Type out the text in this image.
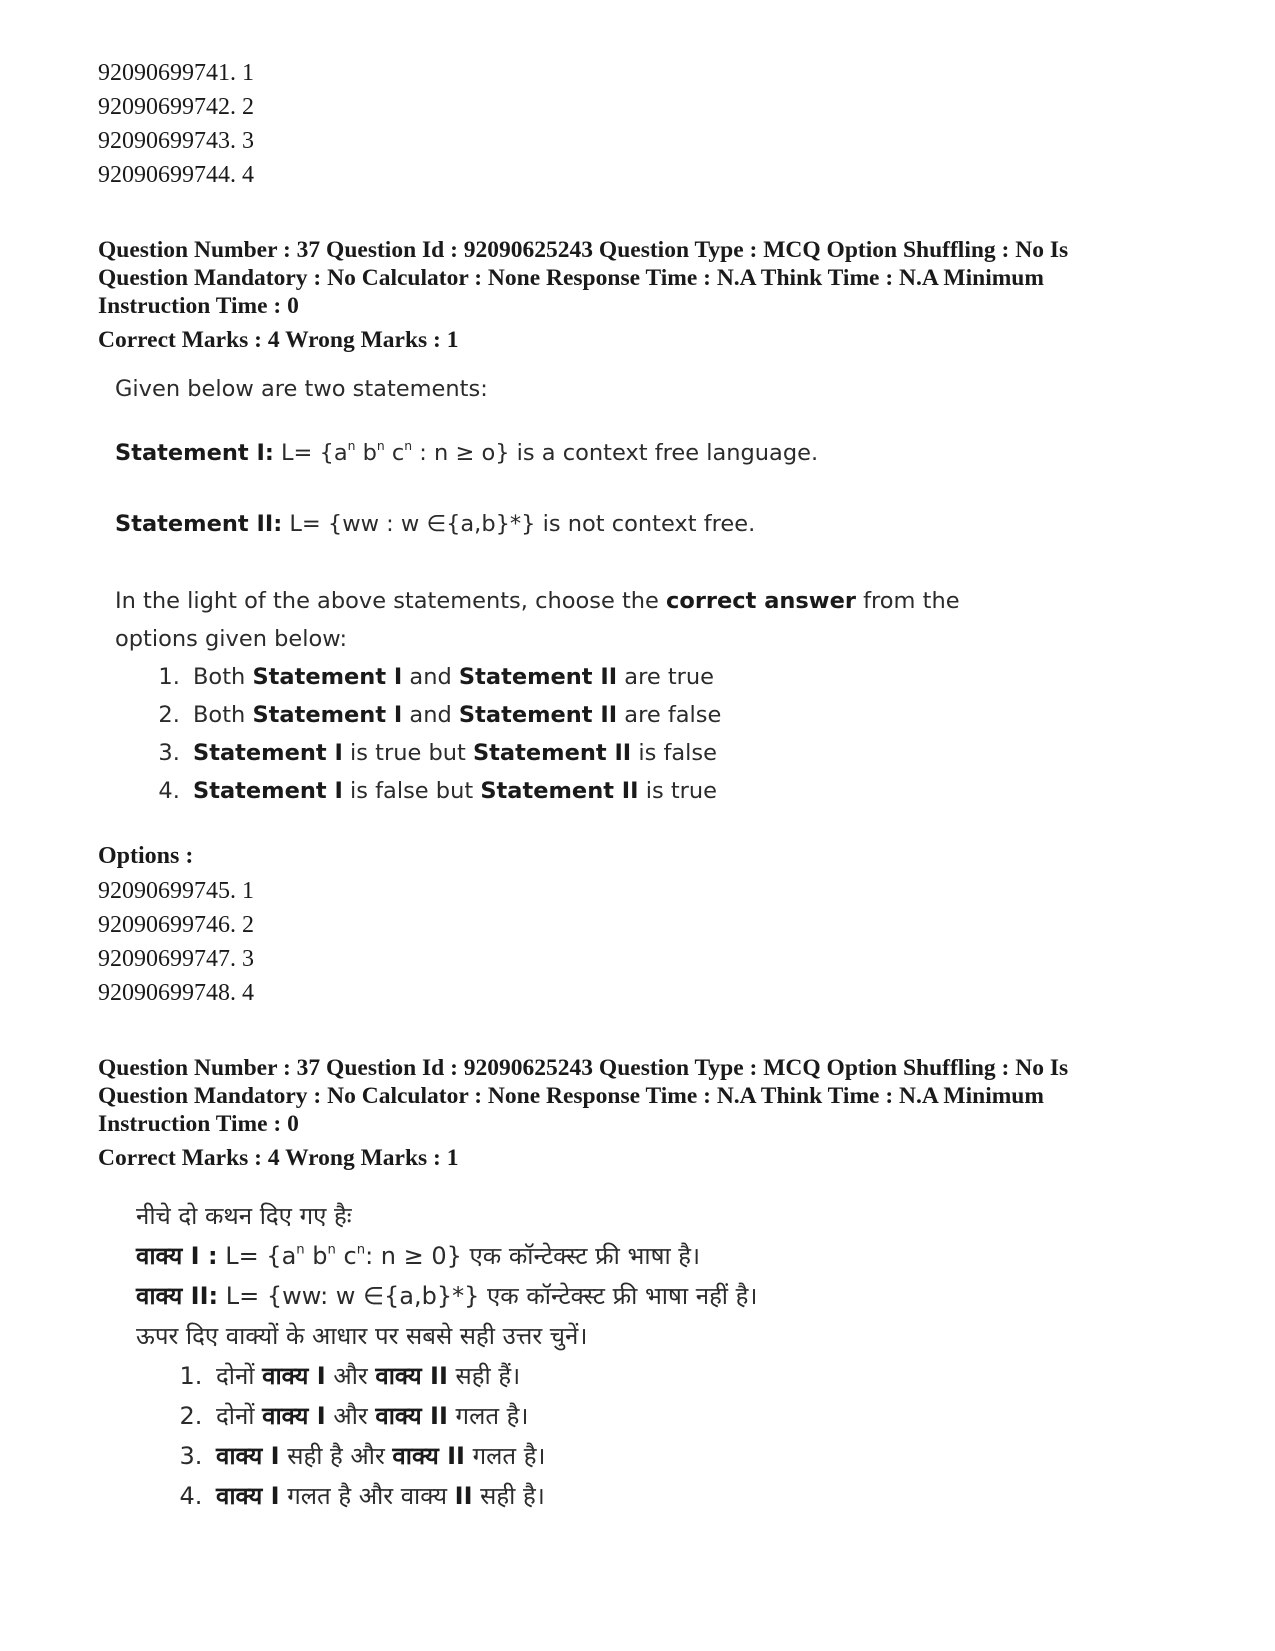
92090699741. 1

92090699742. 2

92090699743. 3

92090699744. 4

Question Number : 37 Question Id : 92090625243 Question Type : MCQ Option Shuffling : No Is

Question Mandatory : No Calculator : None Response Time : N.A Think Time : N.A Minimum

Instruction Time : 0

Correct Marks : 4 Wrong Marks : 1

Given below are two statements:

Statement I: $L= \{a^n$ $b^n$ $c^n$ : n ≥ o} is a context free language.

Statement II: L= {ww : w ∈{a,b}*} is not context free.

In the light of the above statements, choose the correct answer from the
options given below:

1. Both Statement I and Statement II are true
2. Both Statement I and Statement II are false
3. Statement I is true but Statement II is false
4. Statement I is false but Statement II is true

Options :

92090699745. 1

92090699746. 2

92090699747. 3

92090699748. 4

Question Number : 37 Question Id : 92090625243 Question Type : MCQ Option Shuffling : No Is

Question Mandatory : No Calculator : None Response Time : N.A Think Time : N.A Minimum

Instruction Time : 0

Correct Marks : 4 Wrong Marks : 1

नीचे दो कथन दिए गए हैः

वाक्य I : $L= \{a^n$ $b^n$ $c^n$: n ≥ 0} एक कॉन्टेक्स्ट फ्री भाषा है।

वाक्य II: L= {ww: w ∈{a,b}*} एक कॉन्टेक्स्ट फ्री भाषा नहीं है।

ऊपर दिए वाक्यों के आधार पर सबसे सही उत्तर चुनें।

1. दोनों वाक्य I और वाक्य II सही हैं।
2. दोनों वाक्य I और वाक्य II गलत है।
3. वाक्य I सही है और वाक्य II गलत है।
4. वाक्य I गलत है और वाक्य II सही है।
